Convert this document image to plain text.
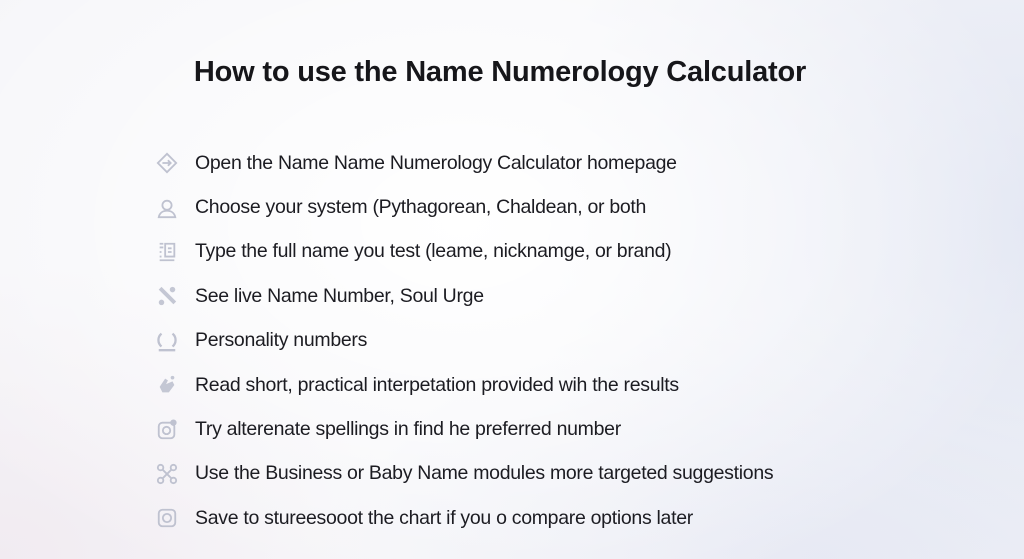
How to use the Name Numerology Calculator
Open the Name Name Numerology Calculator homepage
Choose your system (Pythagorean, Chaldean, or both
Type the full name you test (leame, nicknamge, or brand)
See live Name Number, Soul Urge
Personality numbers
Read short, practical interpetation provided wih the results
Try alterenate spellings in find he preferred number
Use the Business or Baby Name modules more targeted suggestions
Save to stureesooot the chart if you o compare options later
